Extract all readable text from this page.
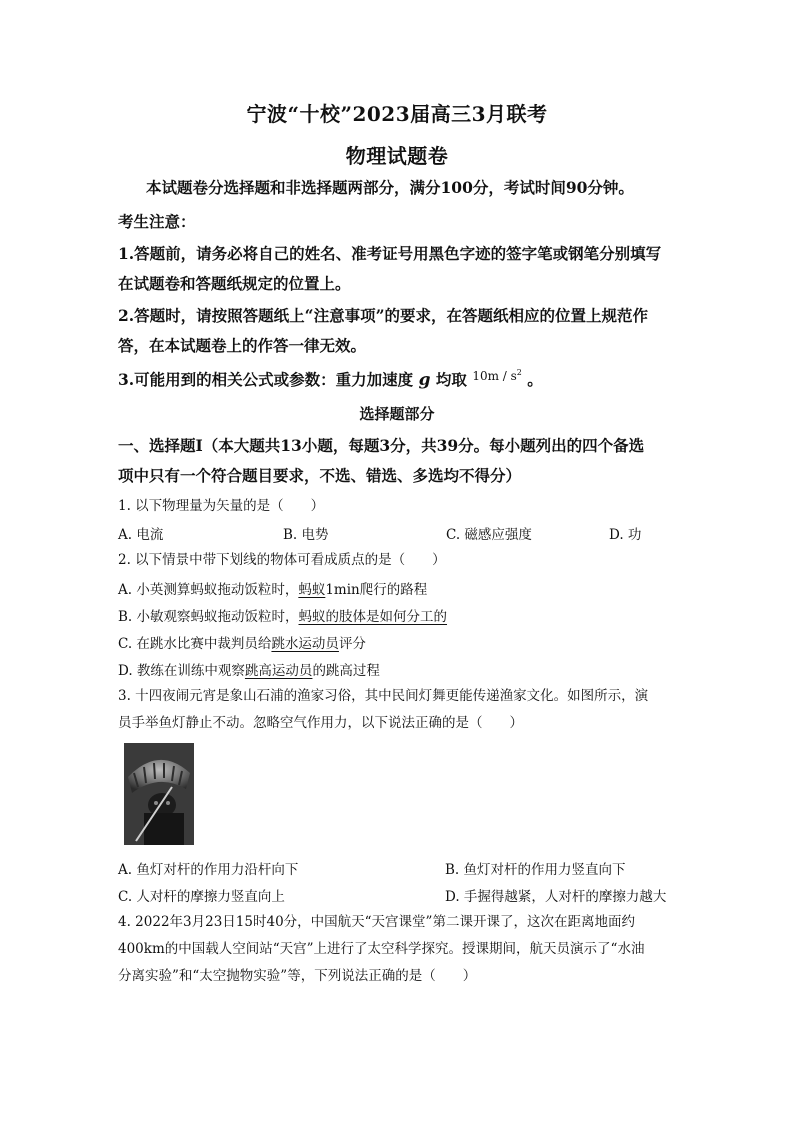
宁波“十校”2023届高三3月联考
物理试题卷
本试题卷分选择题和非选择题两部分，满分100分，考试时间90分钟。
考生注意：
1.答题前，请务必将自己的姓名、准考证号用黑色字迹的签字笔或钢笔分别填写
在试题卷和答题纸规定的位置上。
2.答题时，请按照答题纸上“注意事项”的要求，在答题纸相应的位置上规范作
答，在本试题卷上的作答一律无效。
3.可能用到的相关公式或参数：重力加速度 g 均取 $^{10m / s^2}$ 。
选择题部分
一、选择题Ⅰ（本大题共13小题，每题3分，共39分。每小题列出的四个备选
项中只有一个符合题目要求，不选、错选、多选均不得分）
1. 以下物理量为矢量的是（　　）
A. 电流	B. 电势	C. 磁感应强度	D. 功
2. 以下情景中带下划线的物体可看成质点的是（　　）
A. 小英测算蚂蚁拖动饭粒时，蚂蚁1min爬行的路程
B. 小敏观察蚂蚁拖动饭粒时，蚂蚁的肢体是如何分工的
C. 在跳水比赛中裁判员给跳水运动员评分
D. 教练在训练中观察跳高运动员的跳高过程
3. 十四夜闹元宵是象山石浦的渔家习俗，其中民间灯舞更能传递渔家文化。如图所示，演
员手举鱼灯静止不动。忽略空气作用力，以下说法正确的是（　　）
A. 鱼灯对杆的作用力沿杆向下	B. 鱼灯对杆的作用力竖直向下
C. 人对杆的摩擦力竖直向上	D. 手握得越紧，人对杆的摩擦力越大
4. 2022年3月23日15时40分，中国航天“天宫课堂”第二课开课了，这次在距离地面约
400km的中国载人空间站“天宫”上进行了太空科学探究。授课期间，航天员演示了“水油
分离实验”和“太空抛物实验”等，下列说法正确的是（　　）
